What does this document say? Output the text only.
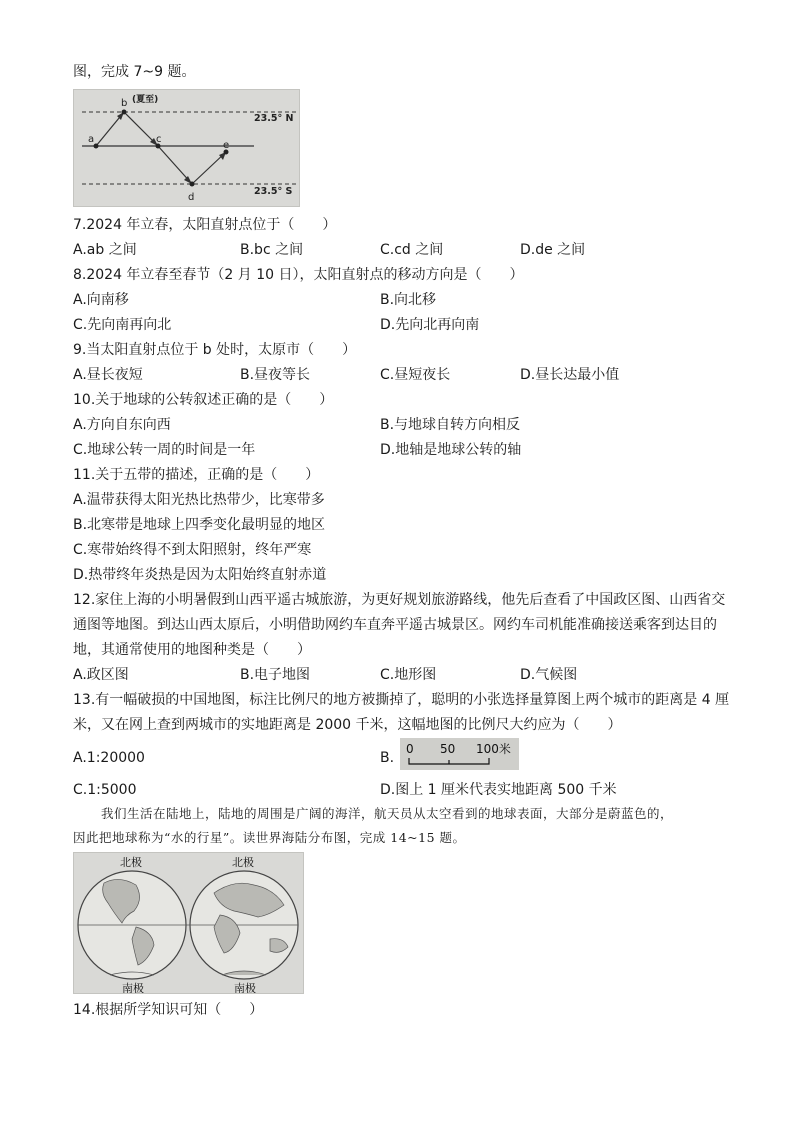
图，完成 7~9 题。
b (夏至)
a	c
d
e
23.5° N
23.5° S
7.2024 年立春，太阳直射点位于（　　）
A.ab 之间	B.bc 之间	C.cd 之间	D.de 之间
8.2024 年立春至春节（2 月 10 日），太阳直射点的移动方向是（　　）
A.向南移	B.向北移
C.先向南再向北	D.先向北再向南
9.当太阳直射点位于 b 处时，太原市（　　）
A.昼长夜短	B.昼夜等长	C.昼短夜长	D.昼长达最小值
10.关于地球的公转叙述正确的是（　　）
A.方向自东向西	B.与地球自转方向相反
C.地球公转一周的时间是一年	D.地轴是地球公转的轴
11.关于五带的描述，正确的是（　　）
A.温带获得太阳光热比热带少，比寒带多
B.北寒带是地球上四季变化最明显的地区
C.寒带始终得不到太阳照射，终年严寒
D.热带终年炎热是因为太阳始终直射赤道
12.家住上海的小明暑假到山西平遥古城旅游，为更好规划旅游路线，他先后查看了中国政区图、山西省交
通图等地图。到达山西太原后，小明借助网约车直奔平遥古城景区。网约车司机能准确接送乘客到达目的
地，其通常使用的地图种类是（　　）
A.政区图	B.电子地图	C.地形图	D.气候图
13.有一幅破损的中国地图，标注比例尺的地方被撕掉了，聪明的小张选择量算图上两个城市的距离是 4 厘
米，又在网上查到两城市的实地距离是 2000 千米，这幅地图的比例尺大约应为（　　）
A.1:20000	B.
0 50 100米
C.1:5000	D.图上 1 厘米代表实地距离 500 千米
我们生活在陆地上，陆地的周围是广阔的海洋，航天员从太空看到的地球表面，大部分是蔚蓝色的，
因此把地球称为“水的行星”。读世界海陆分布图，完成 14~15 题。
北极	北极
南极	南极
14.根据所学知识可知（　　）
